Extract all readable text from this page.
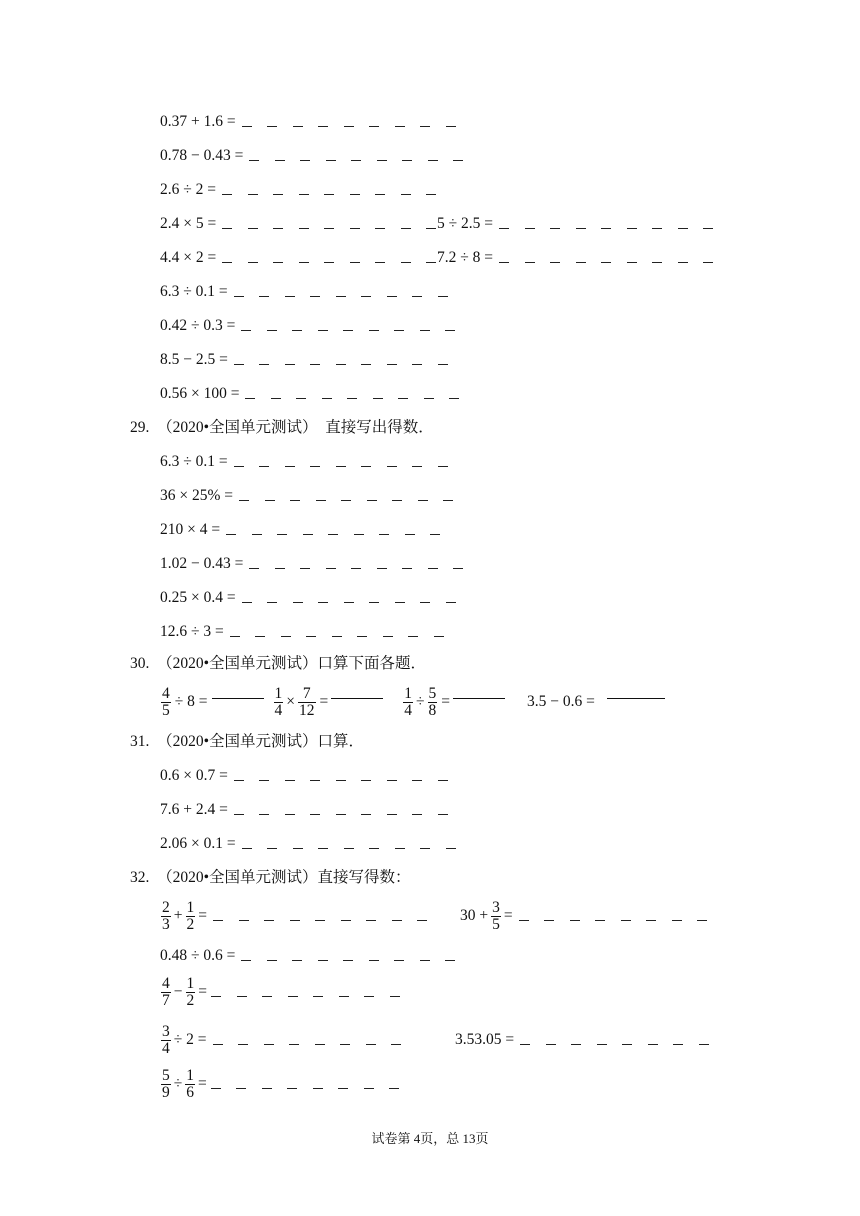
0.37 + 1.6 =
0.78 − 0.43 =
2.6 ÷ 2 =
2.4 × 5 =	5 ÷ 2.5 =
4.4 × 2 =	7.2 ÷ 8 =
6.3 ÷ 0.1 =
0.42 ÷ 0.3 =
8.5 − 2.5 =
0.56 × 100 =
29.  （2020•全国单元测试）  直接写出得数．
6.3 ÷ 0.1 =
36 × 25% =
210 × 4 =
1.02 − 0.43 =
0.25 × 0.4 =
12.6 ÷ 3 =
30.  （2020•全国单元测试）口算下面各题．
$\frac{4}{5} \div 8$ =	$\frac{1}{4} \times \frac{7}{12}$ =	$\frac{1}{4} \div \frac{5}{8}$ =	3.5 − 0.6 =
31.  （2020•全国单元测试）口算．
0.6 × 0.7 =
7.6 + 2.4 =
2.06 × 0.1 =
32.  （2020•全国单元测试）直接写得数：
$\frac{2}{3} + \frac{1}{2}$ =	$30 + \frac{3}{5}$ =
0.48 ÷ 0.6 =
$\frac{4}{7} - \frac{1}{2}$ =
$\frac{3}{4} \div 2$ =	3.53.05 =
$\frac{5}{9} \div \frac{1}{6}$ =
试卷第 4页，总 13页
